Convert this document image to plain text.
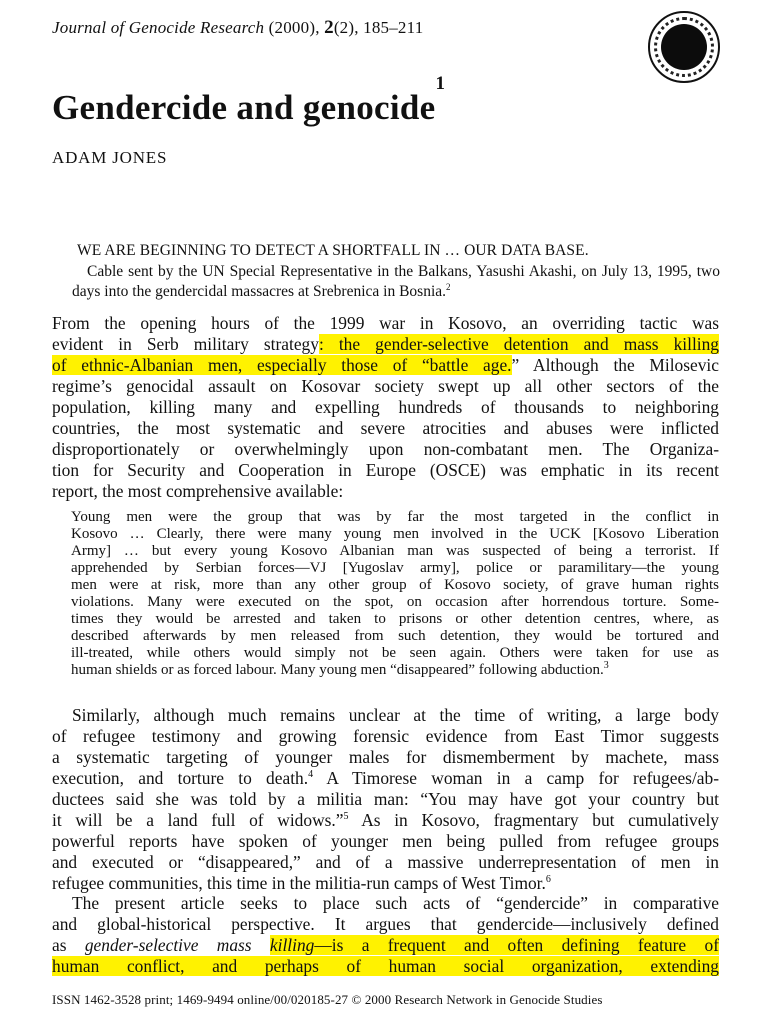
Journal of Genocide Research (2000), 2(2), 185–211
Gendercide and genocide$^1$
ADAM JONES
WE ARE BEGINNING TO DETECT A SHORTFALL IN … OUR DATA BASE.
Cable sent by the UN Special Representative in the Balkans, Yasushi Akashi, on July 13, 1995, two days into the gendercidal massacres at Srebrenica in Bosnia.$^2$
From the opening hours of the 1999 war in Kosovo, an overriding tactic was
evident in Serb military strategy: the gender-selective detention and mass killing
of ethnic-Albanian men, especially those of “battle age.” Although the Milosevic
regime’s genocidal assault on Kosovar society swept up all other sectors of the
population, killing many and expelling hundreds of thousands to neighboring
countries, the most systematic and severe atrocities and abuses were inflicted
disproportionately or overwhelmingly upon non-combatant men. The Organiza-
tion for Security and Cooperation in Europe (OSCE) was emphatic in its recent
report, the most comprehensive available:
Young men were the group that was by far the most targeted in the conflict in
Kosovo … Clearly, there were many young men involved in the UCK [Kosovo Liberation
Army] … but every young Kosovo Albanian man was suspected of being a terrorist. If
apprehended by Serbian forces—VJ [Yugoslav army], police or paramilitary—the young
men were at risk, more than any other group of Kosovo society, of grave human rights
violations. Many were executed on the spot, on occasion after horrendous torture. Some-
times they would be arrested and taken to prisons or other detention centres, where, as
described afterwards by men released from such detention, they would be tortured and
ill-treated, while others would simply not be seen again. Others were taken for use as
human shields or as forced labour. Many young men “disappeared” following abduction.$^3$
Similarly, although much remains unclear at the time of writing, a large body
of refugee testimony and growing forensic evidence from East Timor suggests
a systematic targeting of younger males for dismemberment by machete, mass
execution, and torture to death.$^4$ A Timorese woman in a camp for refugees/ab-
ductees said she was told by a militia man: “You may have got your country but
it will be a land full of widows.”$^5$ As in Kosovo, fragmentary but cumulatively
powerful reports have spoken of younger men being pulled from refugee groups
and executed or “disappeared,” and of a massive underrepresentation of men in
refugee communities, this time in the militia-run camps of West Timor.$^6$
The present article seeks to place such acts of “gendercide” in comparative
and global-historical perspective. It argues that gendercide—inclusively defined
as gender-selective mass killing—is a frequent and often defining feature of
human conflict, and perhaps of human social organization, extending
ISSN 1462-3528 print; 1469-9494 online/00/020185-27 © 2000 Research Network in Genocide Studies
